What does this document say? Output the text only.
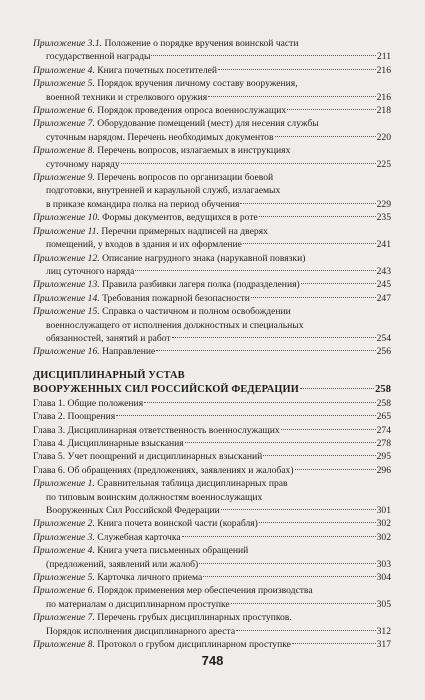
Приложение 3.1. Положение о порядке вручения воинской части
государственной награды	211
Приложение 4. Книга почетных посетителей	216
Приложение 5. Порядок вручения личному составу вооружения,
военной техники и стрелкового оружия	216
Приложение 6. Порядок проведения опроса военнослужащих	218
Приложение 7. Оборудование помещений (мест) для несения службы
суточным нарядом. Перечень необходимых документов	220
Приложение 8. Перечень вопросов, излагаемых в инструкциях
суточному наряду	225
Приложение 9. Перечень вопросов по организации боевой
подготовки, внутренней и караульной служб, излагаемых
в приказе командира полка на период обучения	229
Приложение 10. Формы документов, ведущихся в роте	235
Приложение 11. Перечни примерных надписей на дверях
помещений, у входов в здания и их оформление	241
Приложение 12. Описание нагрудного знака (нарукавной повязки)
лиц суточного наряда	243
Приложение 13. Правила разбивки лагеря полка (подразделения)	245
Приложение 14. Требования пожарной безопасности	247
Приложение 15. Справка о частичном и полном освобождении
военнослужащего от исполнения должностных и специальных
обязанностей, занятий и работ	254
Приложение 16. Направление	256
ДИСЦИПЛИНАРНЫЙ УСТАВ
ВООРУЖЕННЫХ СИЛ РОССИЙСКОЙ ФЕДЕРАЦИИ	258
Глава 1. Общие положения	258
Глава 2. Поощрения	265
Глава 3. Дисциплинарная ответственность военнослужащих	274
Глава 4. Дисциплинарные взыскания	278
Глава 5. Учет поощрений и дисциплинарных взысканий	295
Глава 6. Об обращениях (предложениях, заявлениях и жалобах)	296
Приложение 1. Сравнительная таблица дисциплинарных прав
по типовым воинским должностям военнослужащих
Вооруженных Сил Российской Федерации	301
Приложение 2. Книга почета воинской части (корабля)	302
Приложение 3. Служебная карточка	302
Приложение 4. Книга учета письменных обращений
(предложений, заявлений или жалоб)	303
Приложение 5. Карточка личного приема	304
Приложение 6. Порядок применения мер обеспечения производства
по материалам о дисциплинарном проступке	305
Приложение 7. Перечень грубых дисциплинарных проступков.
Порядок исполнения дисциплинарного ареста	312
Приложение 8. Протокол о грубом дисциплинарном проступке	317
748
